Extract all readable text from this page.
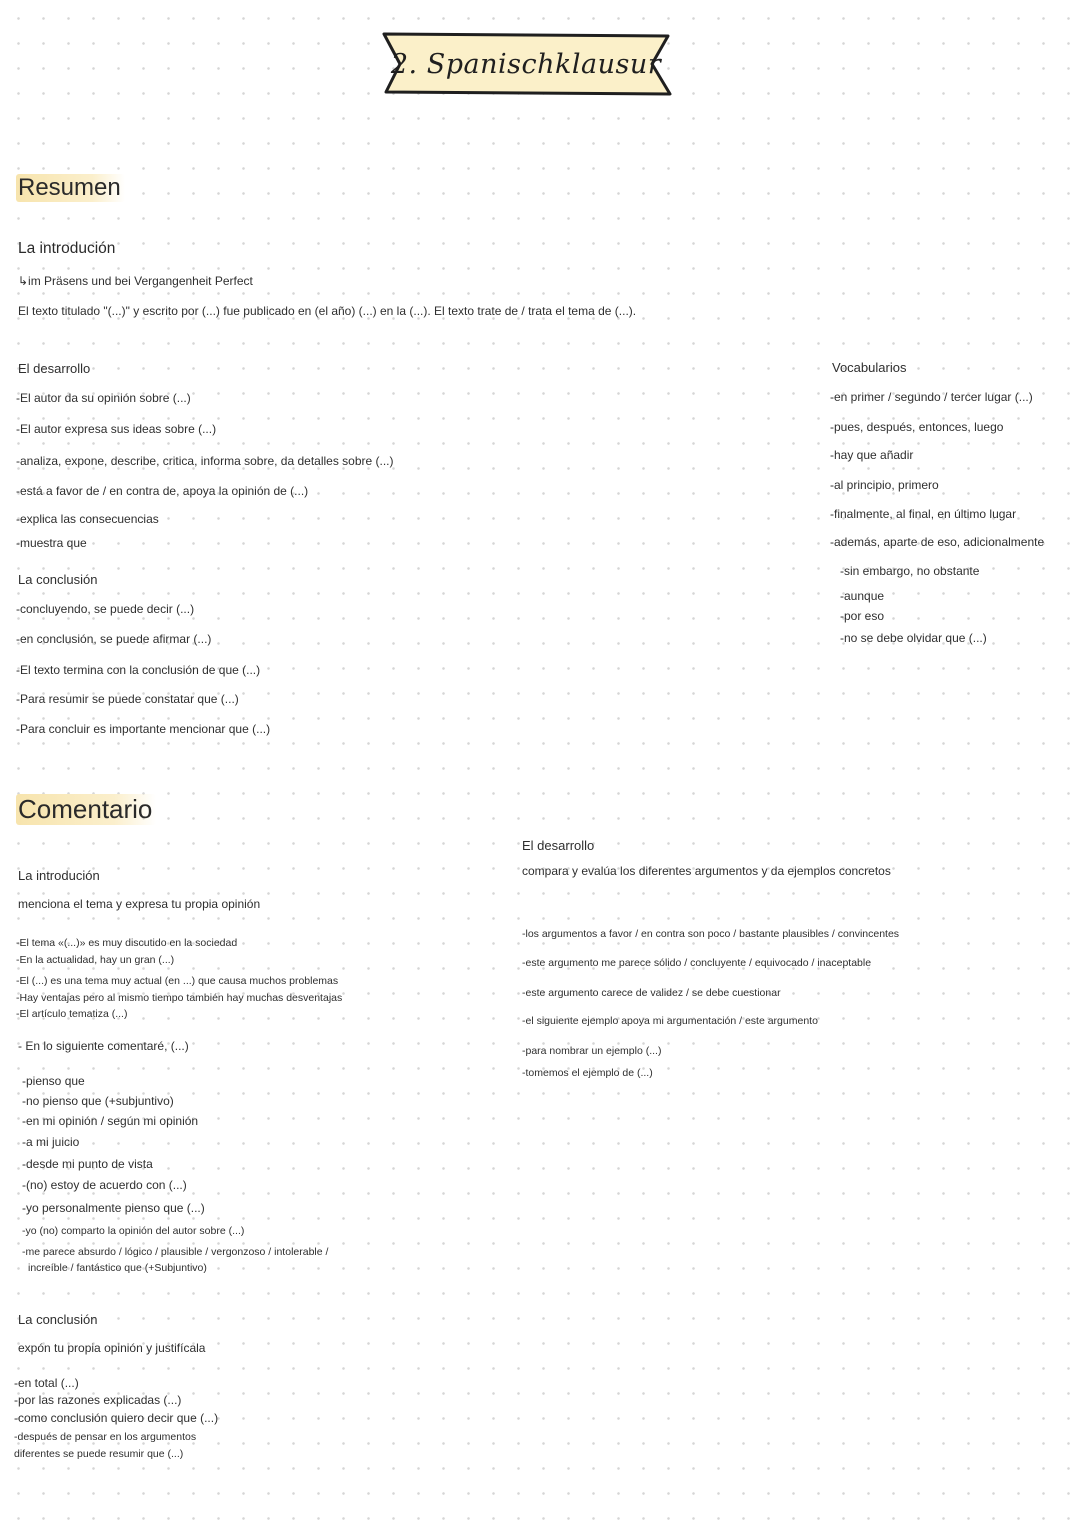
2. Spanischklausur
Resumen
La introdución
↳im Präsens und bei Vergangenheit Perfect
El texto titulado "(...)" y escrito por (...) fue publicado en (el año) (...) en la (...). El texto trate de / trata el tema de (...).
El desarrollo
-El autor da su opinión sobre (...)
-El autor expresa sus ideas sobre (...)
-analiza, expone, describe, critica, informa sobre, da detalles sobre (...)
-está a favor de / en contra de, apoya la opinión de (...)
-explica las consecuencias
-muestra que
La conclusión
-concluyendo, se puede decir (...)
-en conclusión, se puede afirmar (...)
-El texto termina con la conclusión de que (...)
-Para resumir se puede constatar que (...)
-Para concluir es importante mencionar que (...)
Vocabularios
-en primer / segundo / tercer lugar (...)
-pues, después, entonces, luego
-hay que añadir
-al principio, primero
-finalmente, al final, en último lugar
-además, aparte de eso, adicionalmente
-sin embargo, no obstante
-aunque
-por eso
-no se debe olvidar que (...)
Comentario
La introdución
menciona el tema y expresa tu propia opinión
-El tema «(...)» es muy discutido en la sociedad
-En la actualidad, hay un gran (...)
-El (...) es una tema muy actual (en ...) que causa muchos problemas
-Hay ventajas pero al mismo tiempo también hay muchas desventajas
-El artículo tematiza (...)
- En lo siguiente comentaré, (...)
-pienso que
-no pienso que (+subjuntivo)
-en mi opinión / según mi opinión
-a mi juicio
-desde mi punto de vista
-(no) estoy de acuerdo con (...)
-yo personalmente pienso que (...)
-yo (no) comparto la opinión del autor sobre (...)
-me parece absurdo / lógico / plausible / vergonzoso / intolerable /
increíble / fantástico que (+Subjuntivo)
La conclusión
expón tu propia opinión y justifícala
-en total (...)
-por las razones explicadas (...)
-como conclusión quiero decir que (...)
-después de pensar en los argumentos
diferentes se puede resumir que (...)
El desarrollo
compara y evalúa los diferentes argumentos y da ejemplos concretos
-los argumentos a favor / en contra son poco / bastante plausibles / convincentes
-este argumento me parece sólido / concluyente / equivocado / inaceptable
-este argumento carece de validez / se debe cuestionar
-el siguiente ejemplo apoya mi argumentación / este argumento
-para nombrar un ejemplo (...)
-tomemos el ejemplo de (...)
